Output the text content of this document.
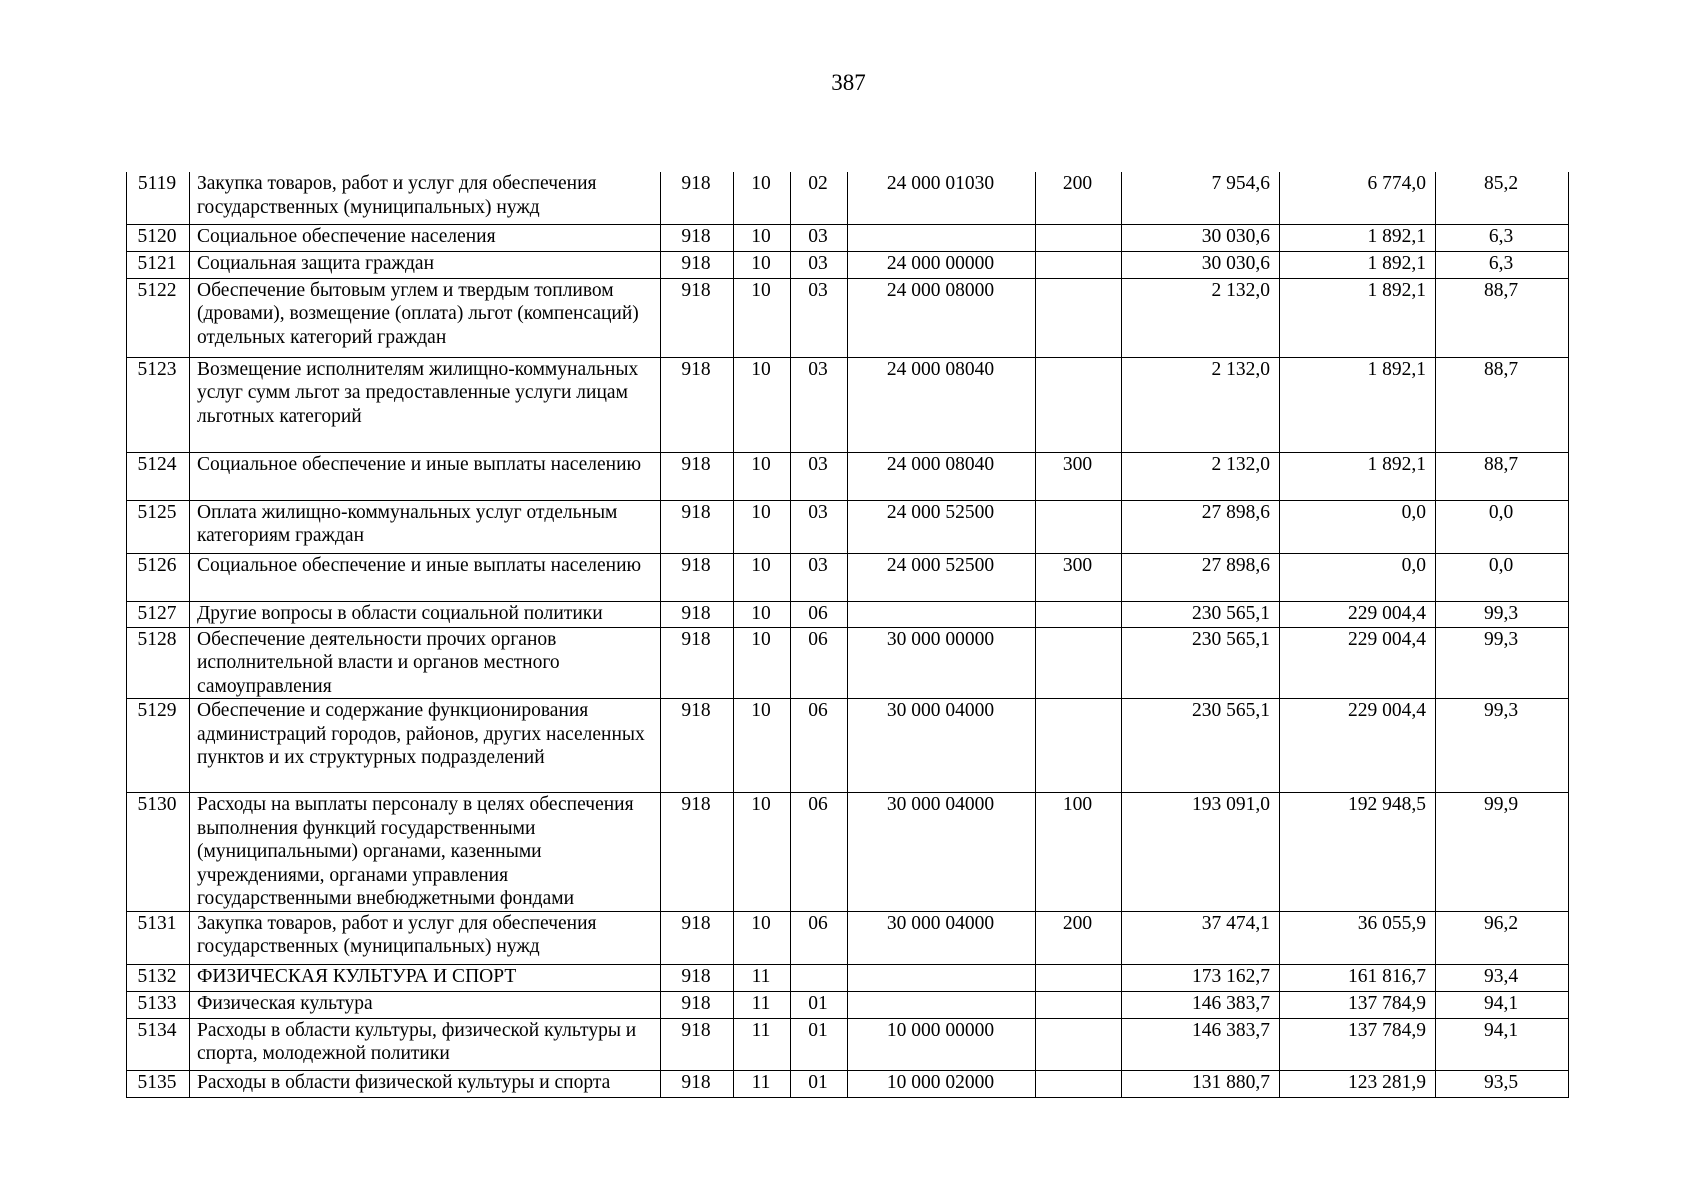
387
5119	Закупка товаров, работ и услуг для обеспечения государственных (муниципальных) нужд	918	10	02	24 000 01030	200	7 954,6	6 774,0	85,2
5120	Социальное обеспечение населения	918	10	03			30 030,6	1 892,1	6,3
5121	Социальная защита граждан	918	10	03	24 000 00000		30 030,6	1 892,1	6,3
5122	Обеспечение бытовым углем и твердым топливом (дровами), возмещение (оплата) льгот (компенсаций) отдельных категорий граждан	918	10	03	24 000 08000		2 132,0	1 892,1	88,7
5123	Возмещение исполнителям жилищно-коммунальных услуг сумм льгот за предоставленные услуги лицам льготных категорий	918	10	03	24 000 08040		2 132,0	1 892,1	88,7
5124	Социальное обеспечение и иные выплаты населению	918	10	03	24 000 08040	300	2 132,0	1 892,1	88,7
5125	Оплата жилищно-коммунальных услуг отдельным категориям граждан	918	10	03	24 000 52500		27 898,6	0,0	0,0
5126	Социальное обеспечение и иные выплаты населению	918	10	03	24 000 52500	300	27 898,6	0,0	0,0
5127	Другие вопросы в области социальной политики	918	10	06			230 565,1	229 004,4	99,3
5128	Обеспечение деятельности прочих органов исполнительной власти и органов местного самоуправления	918	10	06	30 000 00000		230 565,1	229 004,4	99,3
5129	Обеспечение и содержание функционирования администраций городов, районов, других населенных пунктов и их структурных подразделений	918	10	06	30 000 04000		230 565,1	229 004,4	99,3
5130	Расходы на выплаты персоналу в целях обеспечения выполнения функций государственными (муниципальными) органами, казенными учреждениями, органами управления государственными внебюджетными фондами	918	10	06	30 000 04000	100	193 091,0	192 948,5	99,9
5131	Закупка товаров, работ и услуг для обеспечения государственных (муниципальных) нужд	918	10	06	30 000 04000	200	37 474,1	36 055,9	96,2
5132	ФИЗИЧЕСКАЯ КУЛЬТУРА И СПОРТ	918	11				173 162,7	161 816,7	93,4
5133	Физическая культура	918	11	01			146 383,7	137 784,9	94,1
5134	Расходы в области культуры, физической культуры и спорта, молодежной политики	918	11	01	10 000 00000		146 383,7	137 784,9	94,1
5135	Расходы в области физической культуры и спорта	918	11	01	10 000 02000		131 880,7	123 281,9	93,5
